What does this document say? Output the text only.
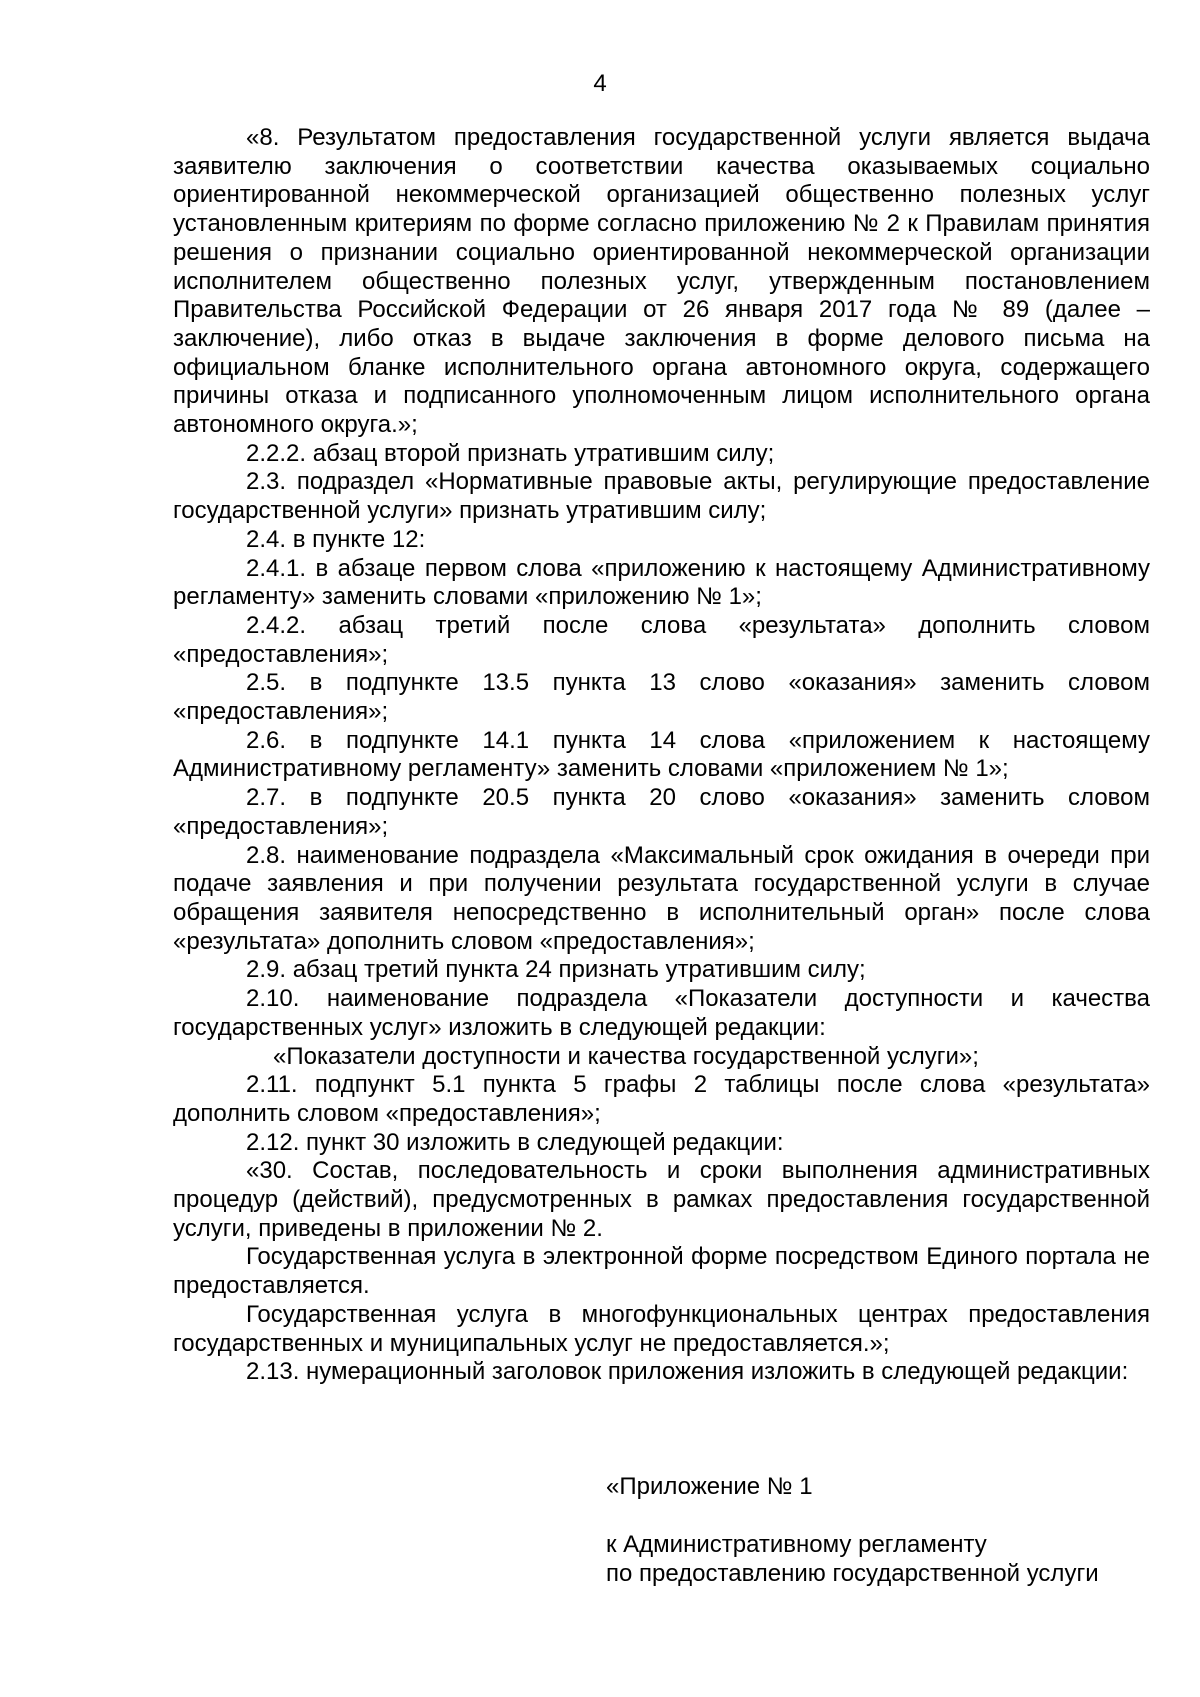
4

«8. Результатом предоставления государственной услуги является выдача заявителю заключения о соответствии качества оказываемых социально ориентированной некоммерческой организацией общественно полезных услуг установленным критериям по форме согласно приложению № 2 к Правилам принятия решения о признании социально ориентированной некоммерческой организации исполнителем общественно полезных услуг, утвержденным постановлением Правительства Российской Федерации от 26 января 2017 года № 89 (далее – заключение), либо отказ в выдаче заключения в форме делового письма на официальном бланке исполнительного органа автономного округа, содержащего причины отказа и подписанного уполномоченным лицом исполнительного органа автономного округа.»;

2.2.2. абзац второй признать утратившим силу;

2.3. подраздел «Нормативные правовые акты, регулирующие предоставление государственной услуги» признать утратившим силу;

2.4. в пункте 12:

2.4.1. в абзаце первом слова «приложению к настоящему Административному регламенту» заменить словами «приложению № 1»;

2.4.2. абзац третий после слова «результата» дополнить словом «предоставления»;

2.5. в подпункте 13.5 пункта 13 слово «оказания» заменить словом «предоставления»;

2.6. в подпункте 14.1 пункта 14 слова «приложением к настоящему Административному регламенту» заменить словами «приложением № 1»;

2.7. в подпункте 20.5 пункта 20 слово «оказания» заменить словом «предоставления»;

2.8. наименование подраздела «Максимальный срок ожидания в очереди при подаче заявления и при получении результата государственной услуги в случае обращения заявителя непосредственно в исполнительный орган» после слова «результата» дополнить словом «предоставления»;

2.9. абзац третий пункта 24 признать утратившим силу;

2.10. наименование подраздела «Показатели доступности и качества государственных услуг» изложить в следующей редакции:

«Показатели доступности и качества государственной услуги»;

2.11. подпункт 5.1 пункта 5 графы 2 таблицы после слова «результата» дополнить словом «предоставления»;

2.12. пункт 30 изложить в следующей редакции:

«30. Состав, последовательность и сроки выполнения административных процедур (действий), предусмотренных в рамках предоставления государственной услуги, приведены в приложении № 2.

Государственная услуга в электронной форме посредством Единого портала не предоставляется.

Государственная услуга в многофункциональных центрах предоставления государственных и муниципальных услуг не предоставляется.»;

2.13. нумерационный заголовок приложения изложить в следующей редакции:

«Приложение № 1
к Административному регламенту
по предоставлению государственной услуги
